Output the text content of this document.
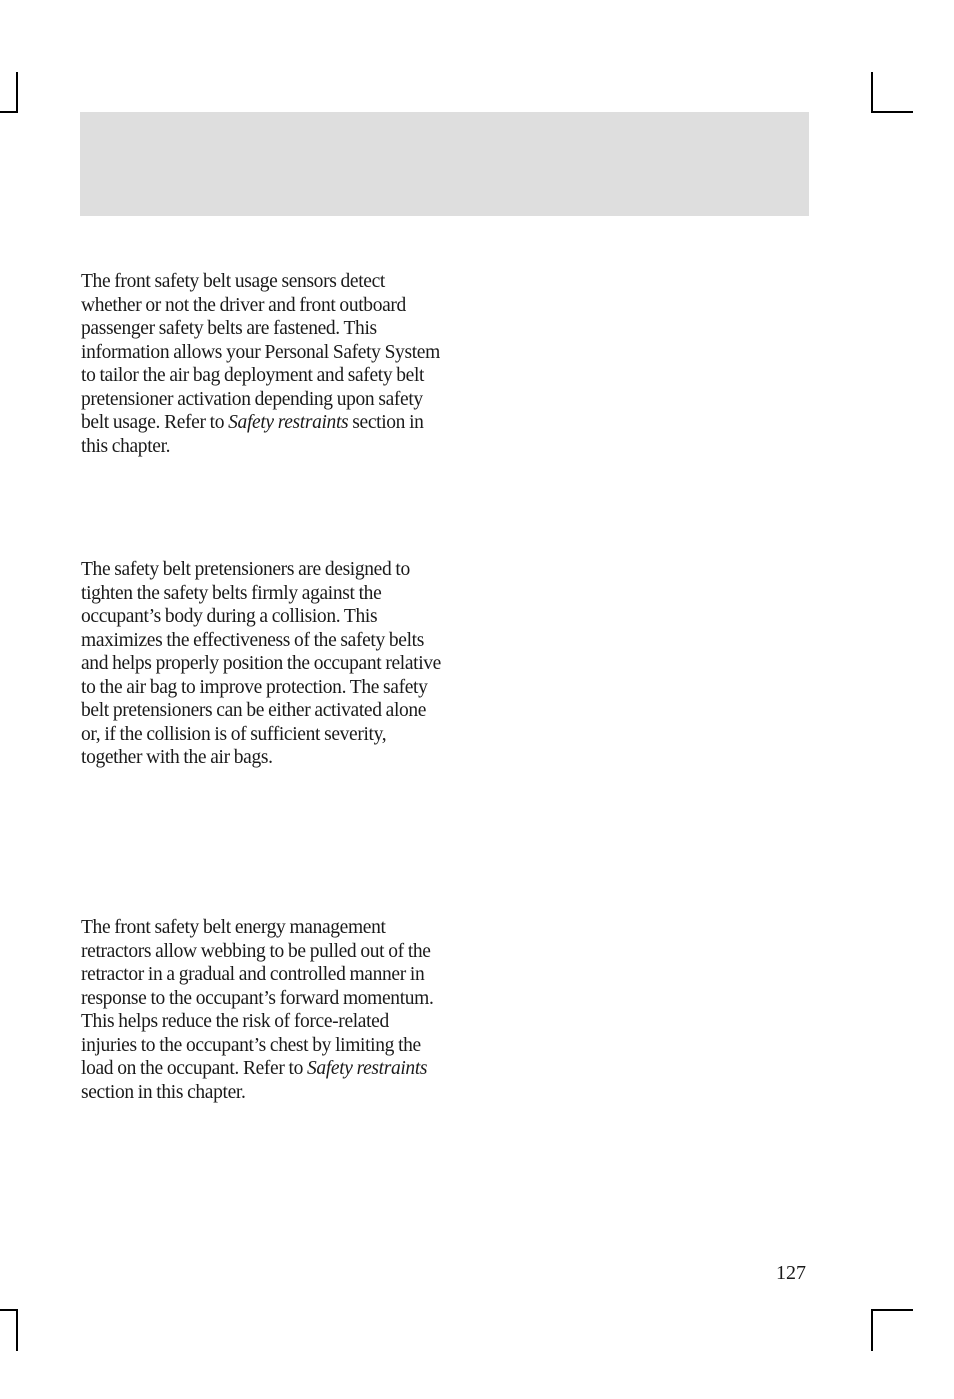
The front safety belt usage sensors detect whether or not the driver and front outboard passenger safety belts are fastened. This information allows your Personal Safety System to tailor the air bag deployment and safety belt pretensioner activation depending upon safety belt usage. Refer to Safety restraints section in this chapter.

The safety belt pretensioners are designed to tighten the safety belts firmly against the occupant’s body during a collision. This maximizes the effectiveness of the safety belts and helps properly position the occupant relative to the air bag to improve protection. The safety belt pretensioners can be either activated alone or, if the collision is of sufficient severity, together with the air bags.

The front safety belt energy management retractors allow webbing to be pulled out of the retractor in a gradual and controlled manner in response to the occupant’s forward momentum. This helps reduce the risk of force-related injuries to the occupant’s chest by limiting the load on the occupant. Refer to Safety restraints section in this chapter.

127
